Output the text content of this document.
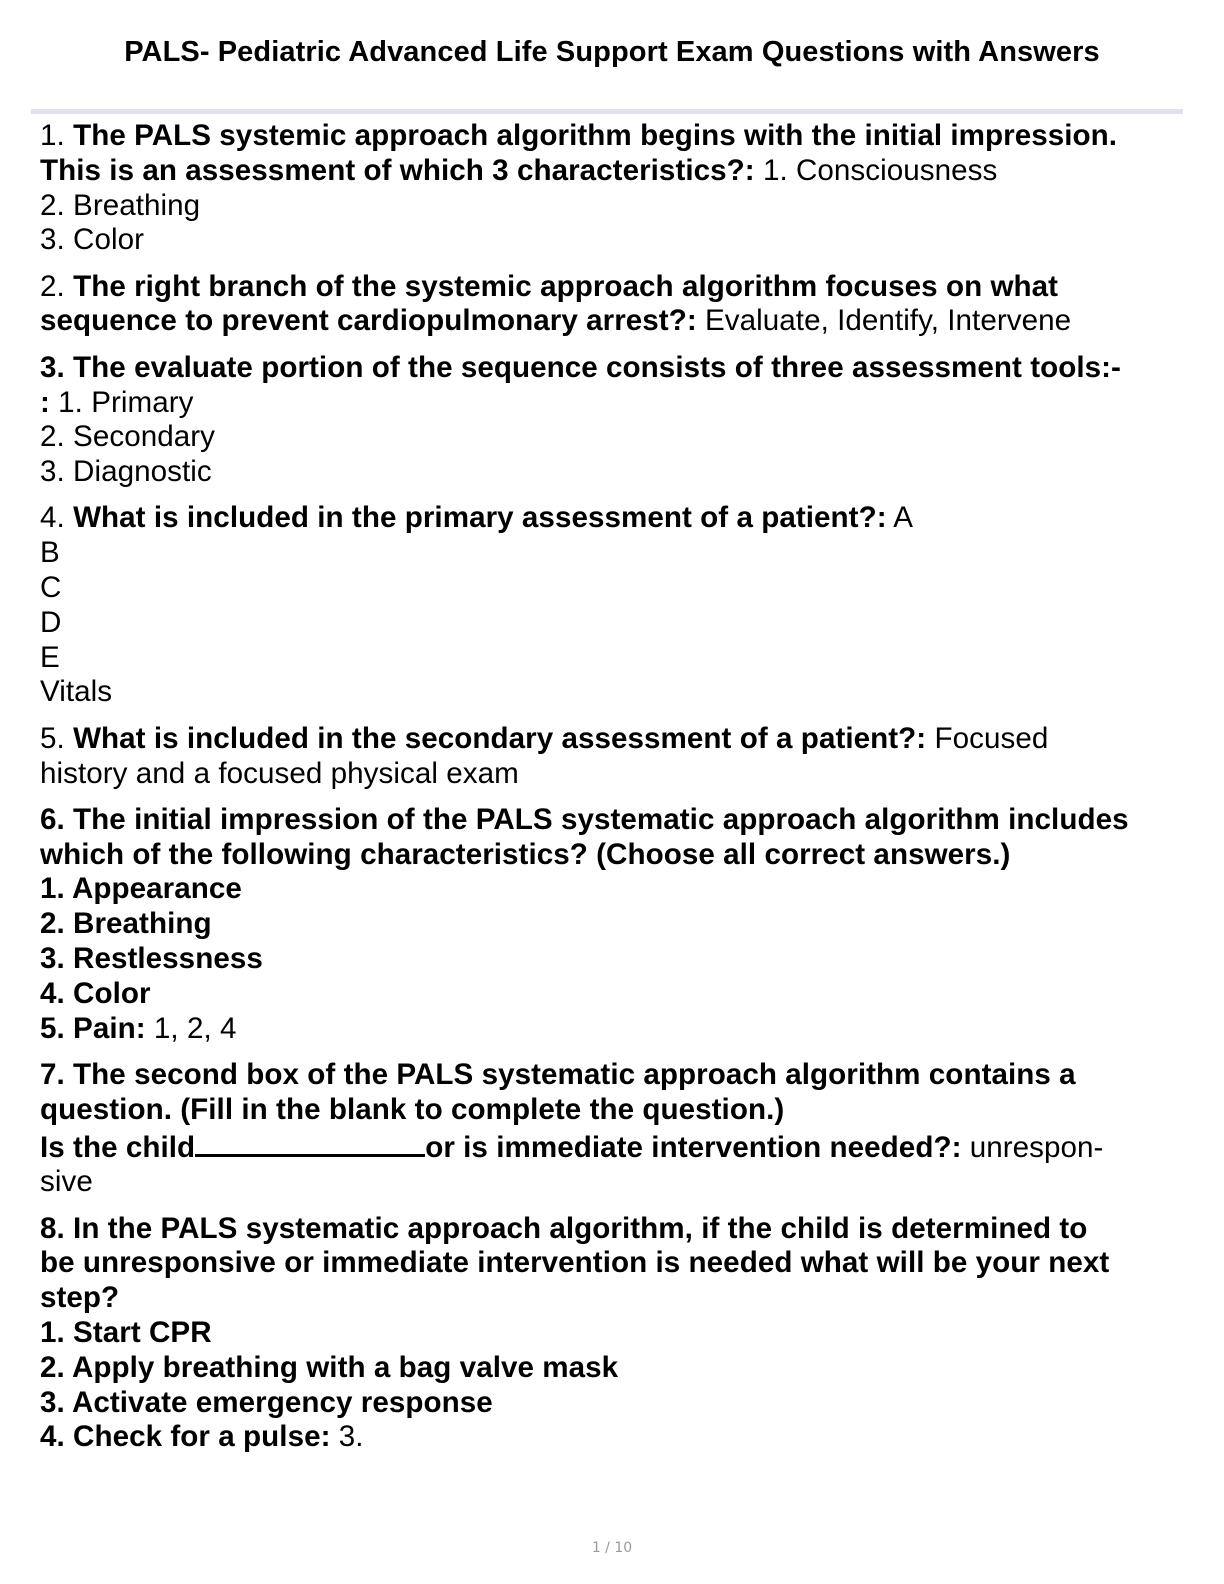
PALS- Pediatric Advanced Life Support Exam Questions with Answers
1. The PALS systemic approach algorithm begins with the initial impression.
This is an assessment of which 3 characteristics?: 1. Consciousness
2. Breathing
3. Color
2. The right branch of the systemic approach algorithm focuses on what
sequence to prevent cardiopulmonary arrest?: Evaluate, Identify, Intervene
3. The evaluate portion of the sequence consists of three assessment tools:-
: 1. Primary
2. Secondary
3. Diagnostic
4. What is included in the primary assessment of a patient?: A
B
C
D
E
Vitals
5. What is included in the secondary assessment of a patient?: Focused
history and a focused physical exam
6. The initial impression of the PALS systematic approach algorithm includes
which of the following characteristics? (Choose all correct answers.)
1. Appearance
2. Breathing
3. Restlessness
4. Color
5. Pain: 1, 2, 4
7. The second box of the PALS systematic approach algorithm contains a
question. (Fill in the blank to complete the question.)
Is the child	or is immediate intervention needed?: unrespon-
sive
8. In the PALS systematic approach algorithm, if the child is determined to
be unresponsive or immediate intervention is needed what will be your next
step?
1. Start CPR
2. Apply breathing with a bag valve mask
3. Activate emergency response
4. Check for a pulse: 3.
1 / 10
